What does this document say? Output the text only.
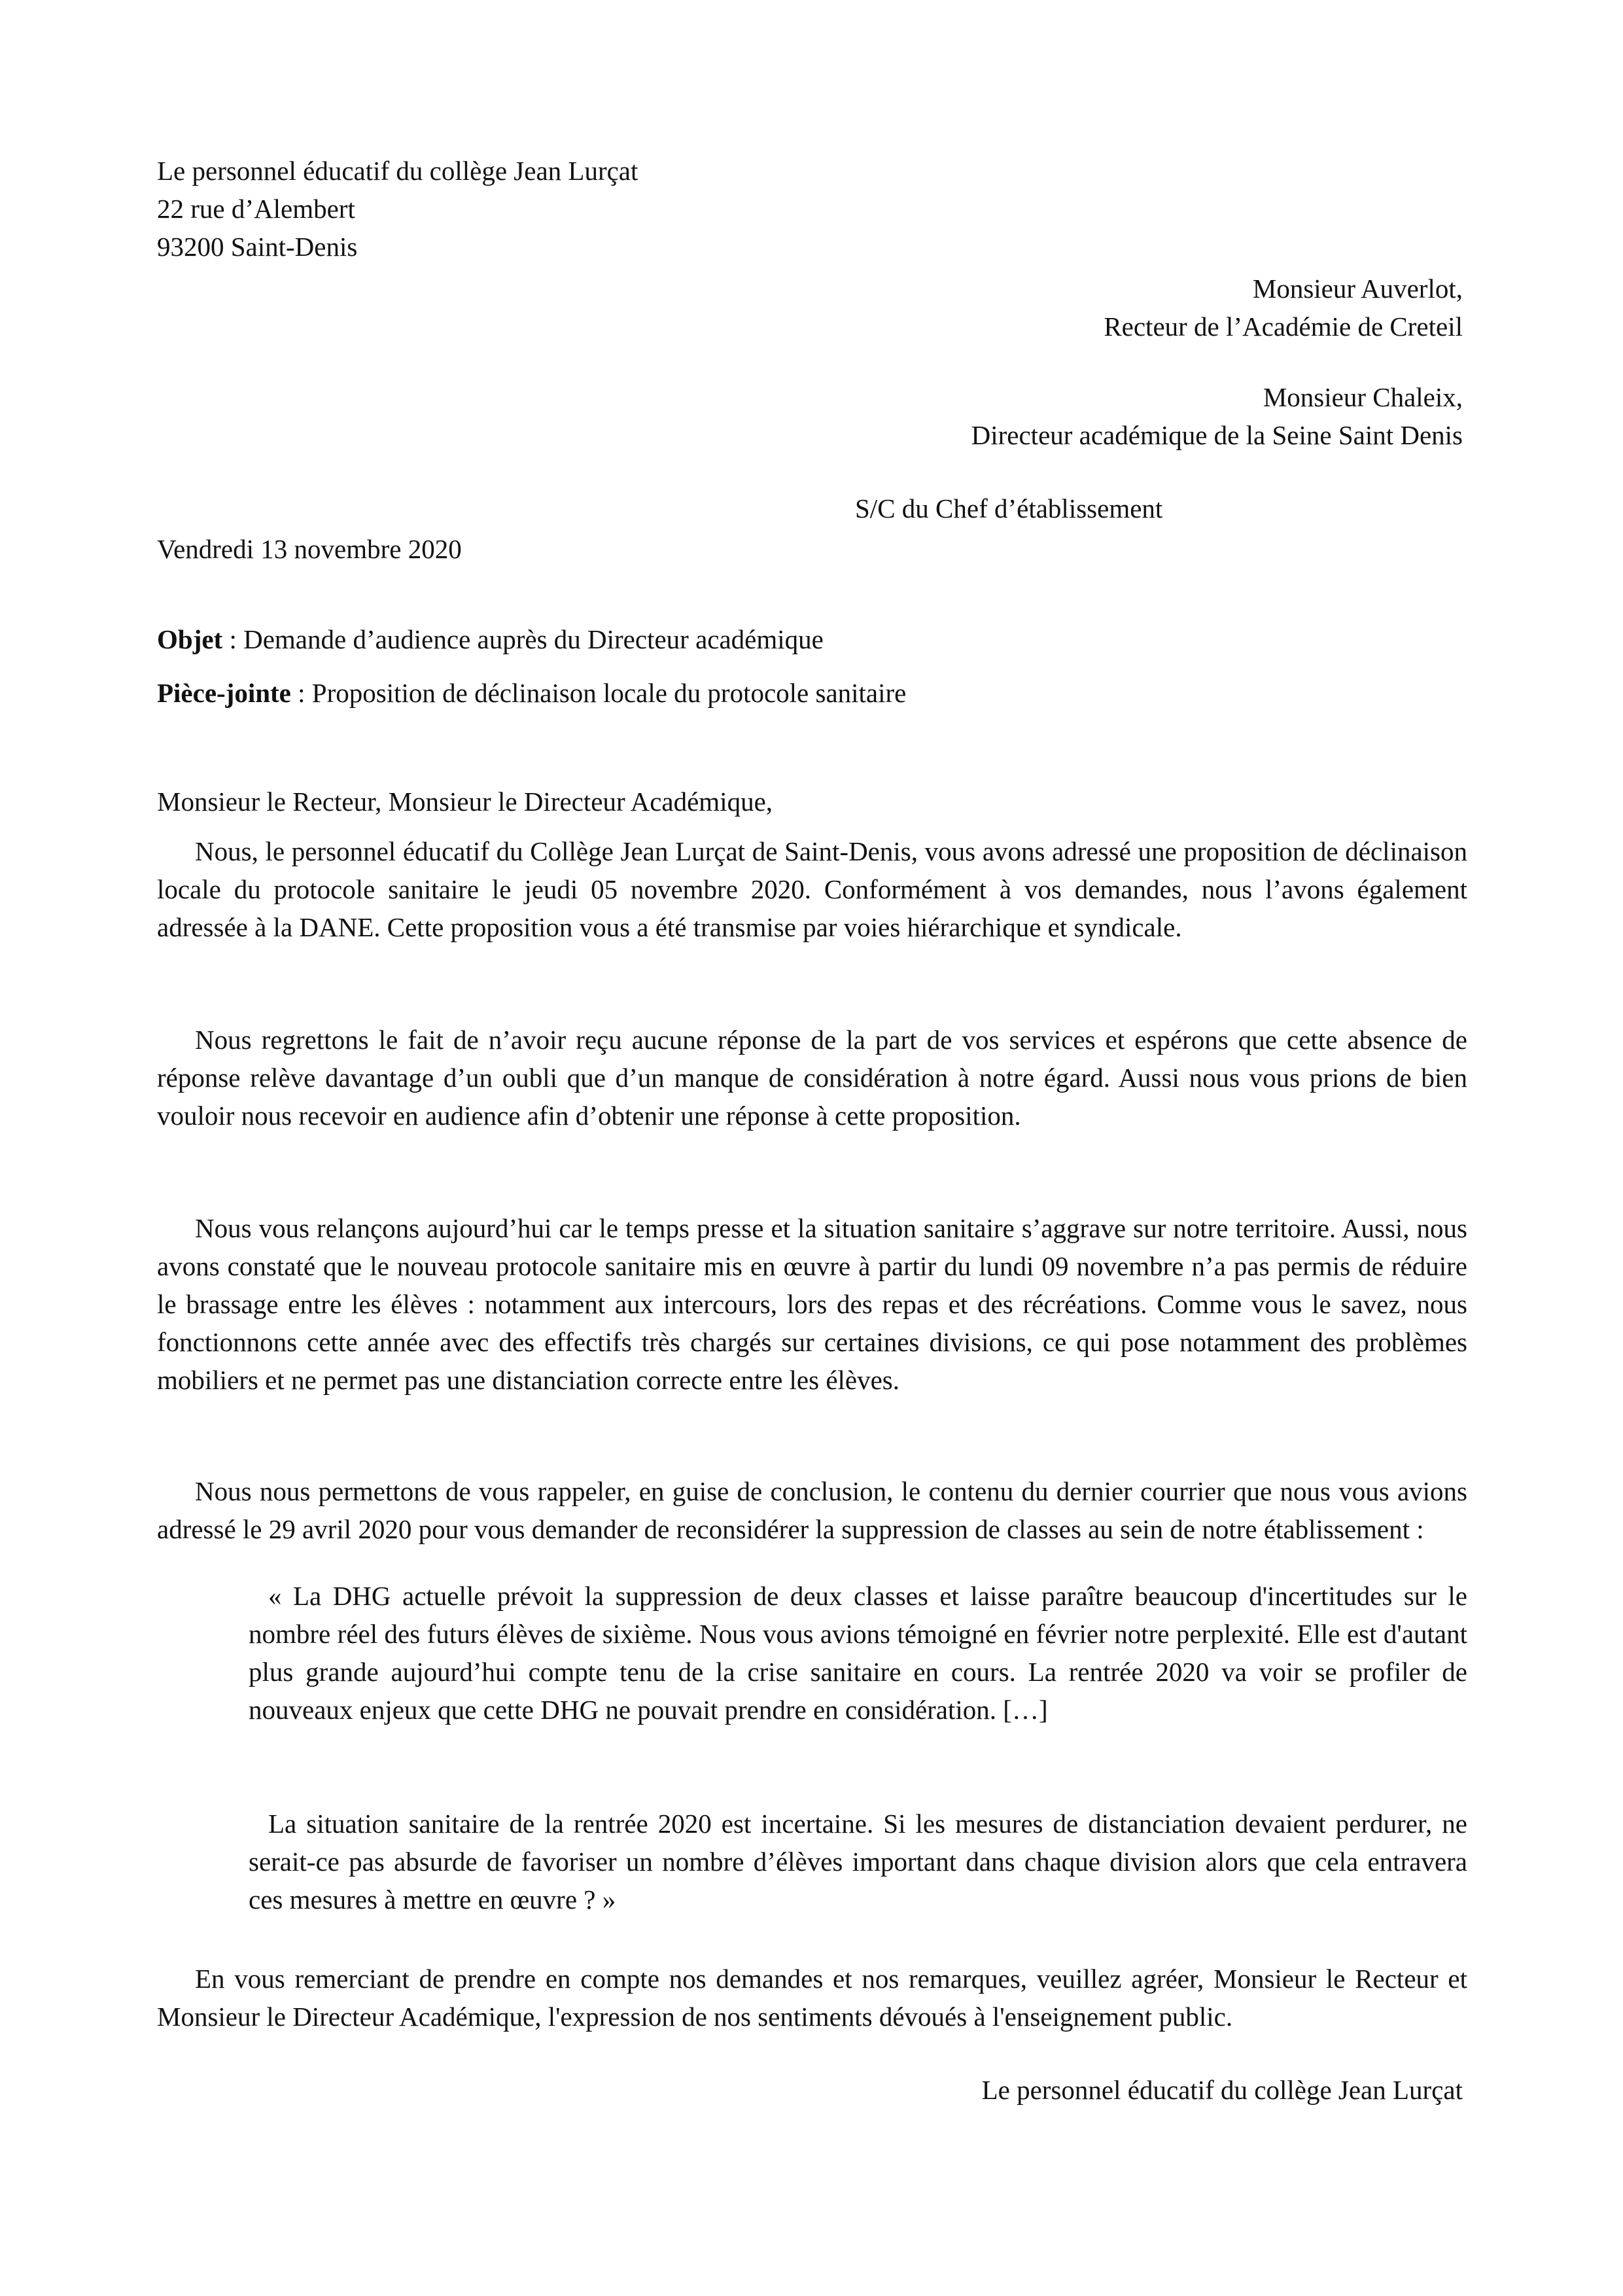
Le personnel éducatif du collège Jean Lurçat
22 rue d’Alembert
93200 Saint-Denis
Monsieur Auverlot,
Recteur de l’Académie de Creteil
Monsieur Chaleix,
Directeur académique de la Seine Saint Denis
S/C du Chef d’établissement
Vendredi 13 novembre 2020
Objet : Demande d’audience auprès du Directeur académique
Pièce-jointe : Proposition de déclinaison locale du protocole sanitaire
Monsieur le Recteur, Monsieur le Directeur Académique,

Nous, le personnel éducatif du Collège Jean Lurçat de Saint-Denis, vous avons adressé une proposition de déclinaison locale du protocole sanitaire le jeudi 05 novembre 2020. Conformément à vos demandes, nous l’avons également adressée à la DANE. Cette proposition vous a été transmise par voies hiérarchique et syndicale.

Nous regrettons le fait de n’avoir reçu aucune réponse de la part de vos services et espérons que cette absence de réponse relève davantage d’un oubli que d’un manque de considération à notre égard. Aussi nous vous prions de bien vouloir nous recevoir en audience afin d’obtenir une réponse à cette proposition.

Nous vous relançons aujourd’hui car le temps presse et la situation sanitaire s’aggrave sur notre territoire. Aussi, nous avons constaté que le nouveau protocole sanitaire mis en œuvre à partir du lundi 09 novembre n’a pas permis de réduire le brassage entre les élèves : notamment aux intercours, lors des repas et des récréations. Comme vous le savez, nous fonctionnons cette année avec des effectifs très chargés sur certaines divisions, ce qui pose notamment des problèmes mobiliers et ne permet pas une distanciation correcte entre les élèves.

Nous nous permettons de vous rappeler, en guise de conclusion, le contenu du dernier courrier que nous vous avions adressé le 29 avril 2020 pour vous demander de reconsidérer la suppression de classes au sein de notre établissement :

« La DHG actuelle prévoit la suppression de deux classes et laisse paraître beaucoup d'incertitudes sur le nombre réel des futurs élèves de sixième. Nous vous avions témoigné en février notre perplexité. Elle est d'autant plus grande aujourd’hui compte tenu de la crise sanitaire en cours. La rentrée 2020 va voir se profiler de nouveaux enjeux que cette DHG ne pouvait prendre en considération. […]

La situation sanitaire de la rentrée 2020 est incertaine. Si les mesures de distanciation devaient perdurer, ne serait-ce pas absurde de favoriser un nombre d’élèves important dans chaque division alors que cela entravera ces mesures à mettre en œuvre ? »

En vous remerciant de prendre en compte nos demandes et nos remarques, veuillez agréer, Monsieur le Recteur et Monsieur le Directeur Académique, l'expression de nos sentiments dévoués à l'enseignement public.

Le personnel éducatif du collège Jean Lurçat
